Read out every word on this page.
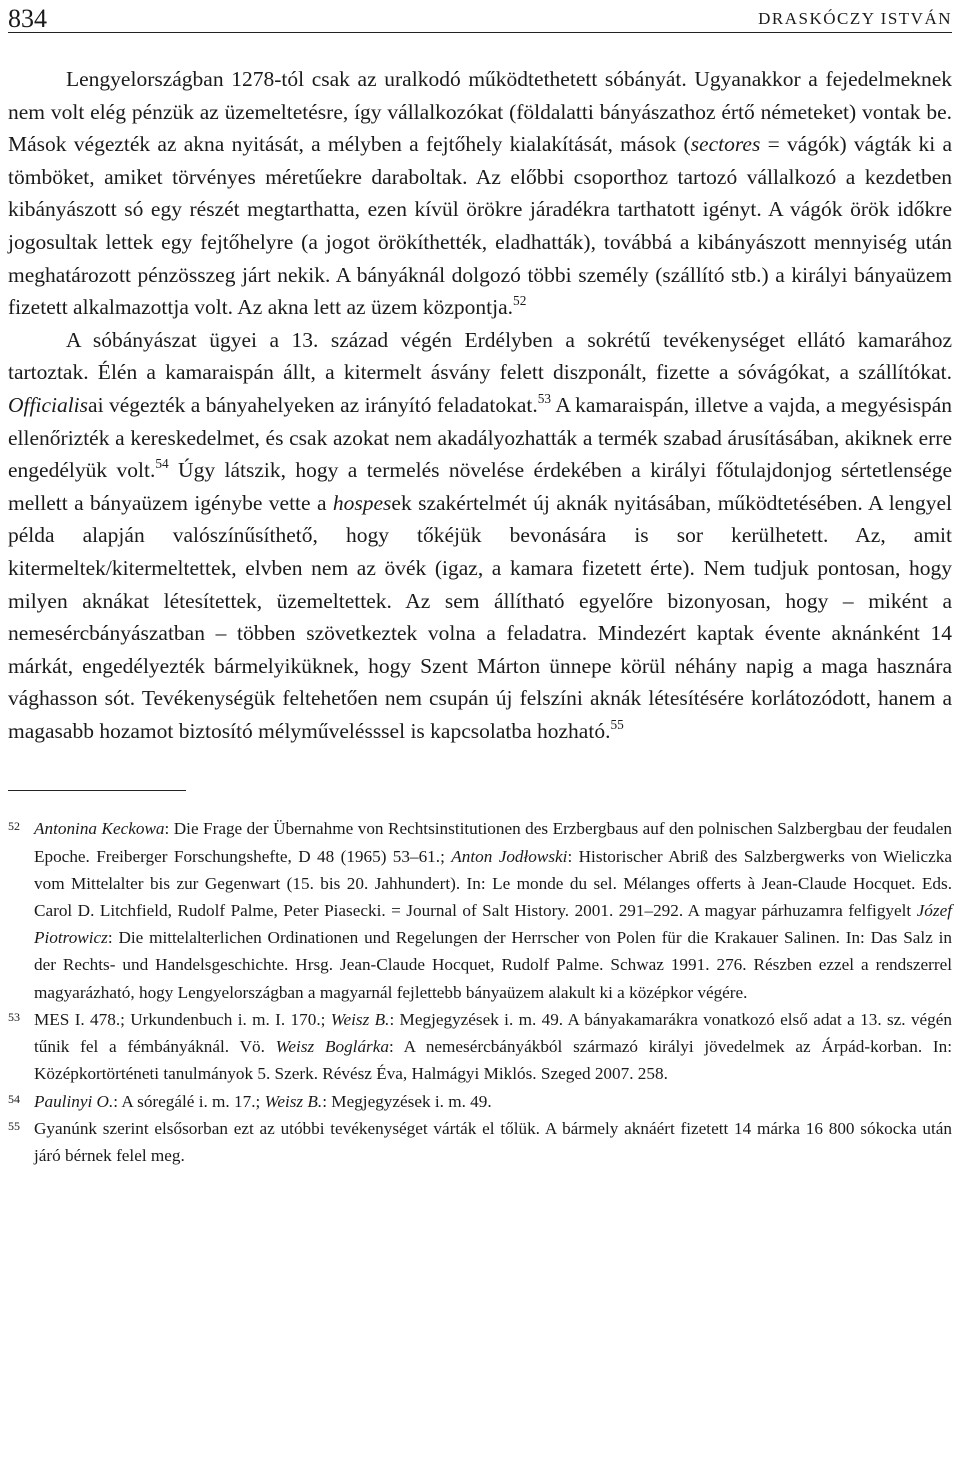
834	DRASKÓCZY ISTVÁN

Lengyelországban 1278-tól csak az uralkodó működtethetett sóbányát. Ugyanakkor a fejedelmeknek nem volt elég pénzük az üzemeltetésre, így vállalkozókat (földalatti bányászathoz értő németeket) vontak be. Mások végezték az akna nyitását, a mélyben a fejtőhely kialakítását, mások (sectores = vágók) vágták ki a tömböket, amiket törvényes méretűekre daraboltak. Az előbbi csoporthoz tartozó vállalkozó a kezdetben kibányászott só egy részét megtarthatta, ezen kívül örökre járadékra tarthatott igényt. A vágók örök időkre jogosultak lettek egy fejtőhelyre (a jogot örökíthették, eladhatták), továbbá a kibányászott mennyiség után meghatározott pénzösszeg járt nekik. A bányáknál dolgozó többi személy (szállító stb.) a királyi bányaüzem fizetett alkalmazottja volt. Az akna lett az üzem központja.$^{52}$

A sóbányászat ügyei a 13. század végén Erdélyben a sokrétű tevékenységet ellátó kamarához tartoztak. Élén a kamaraispán állt, a kitermelt ásvány felett diszponált, fizette a sóvágókat, a szállítókat. Officialisai végezték a bányahelyeken az irányító feladatokat.$^{53}$ A kamaraispán, illetve a vajda, a megyésispán ellenőrizték a kereskedelmet, és csak azokat nem akadályozhatták a termék szabad árusításában, akiknek erre engedélyük volt.$^{54}$ Úgy látszik, hogy a termelés növelése érdekében a királyi főtulajdonjog sértetlensége mellett a bányaüzem igénybe vette a hospesek szakértelmét új aknák nyitásában, működtetésében. A lengyel példa alapján valószínűsíthető, hogy tőkéjük bevonására is sor kerülhetett. Az, amit kitermeltek/kitermeltettek, elvben nem az övék (igaz, a kamara fizetett érte). Nem tudjuk pontosan, hogy milyen aknákat létesítettek, üzemeltettek. Az sem állítható egyelőre bizonyosan, hogy – miként a nemesércbányászatban – többen szövetkeztek volna a feladatra. Mindezért kaptak évente aknánként 14 márkát, engedélyezték bármelyiküknek, hogy Szent Márton ünnepe körül néhány napig a maga hasznára vághasson sót. Tevékenységük feltehetően nem csupán új felszíni aknák létesítésére korlátozódott, hanem a magasabb hozamot biztosító mélyművelésssel is kapcsolatba hozható.$^{55}$

52 Antonina Keckowa: Die Frage der Übernahme von Rechtsinstitutionen des Erzbergbaus auf den polnischen Salzbergbau der feudalen Epoche. Freiberger Forschungshefte, D 48 (1965) 53–61.; Anton Jodłowski: Historischer Abriß des Salzbergwerks von Wieliczka vom Mittelalter bis zur Gegenwart (15. bis 20. Jahhundert). In: Le monde du sel. Mélanges offerts à Jean-Claude Hocquet. Eds. Carol D. Litchfield, Rudolf Palme, Peter Piasecki. = Journal of Salt History. 2001. 291–292. A magyar párhuzamra felfigyelt Józef Piotrowicz: Die mittelalterlichen Ordinationen und Regelungen der Herrscher von Polen für die Krakauer Salinen. In: Das Salz in der Rechts- und Handelsgeschichte. Hrsg. Jean-Claude Hocquet, Rudolf Palme. Schwaz 1991. 276. Részben ezzel a rendszerrel magyarázható, hogy Lengyelországban a magyarnál fejlettebb bányaüzem alakult ki a középkor végére.
53 MES I. 478.; Urkundenbuch i. m. I. 170.; Weisz B.: Megjegyzések i. m. 49. A bányakamarákra vonatkozó első adat a 13. sz. végén tűnik fel a fémbányáknál. Vö. Weisz Boglárka: A nemesércbányákból származó királyi jövedelmek az Árpád-korban. In: Középkortörténeti tanulmányok 5. Szerk. Révész Éva, Halmágyi Miklós. Szeged 2007. 258.
54 Paulinyi O.: A sóregálé i. m. 17.; Weisz B.: Megjegyzések i. m. 49.
55 Gyanúnk szerint elsősorban ezt az utóbbi tevékenységet várták el tőlük. A bármely aknáért fizetett 14 márka 16 800 sókocka után járó bérnek felel meg.
